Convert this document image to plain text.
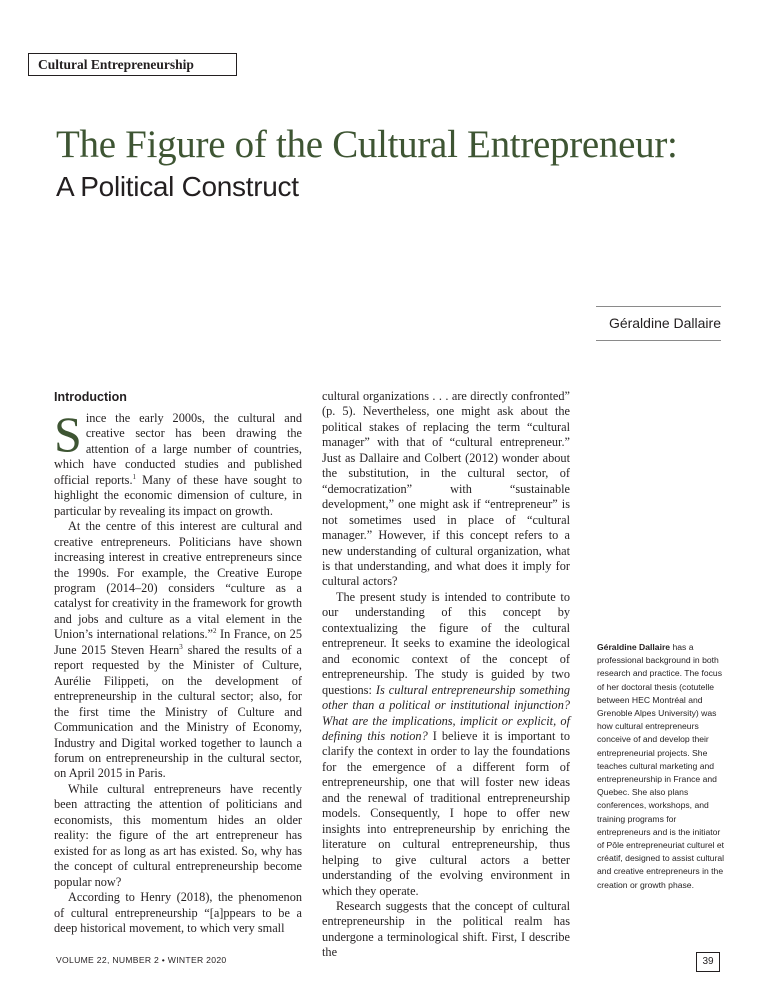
Cultural Entrepreneurship
The Figure of the Cultural Entrepreneur:
A Political Construct
Géraldine Dallaire
Introduction

Since the early 2000s, the cultural and creative sector has been drawing the attention of a large number of countries, which have conducted studies and published official reports.$^1$ Many of these have sought to highlight the economic dimension of culture, in particular by revealing its impact on growth.

At the centre of this interest are cultural and creative entrepreneurs. Politicians have shown increasing interest in creative entrepreneurs since the 1990s. For example, the Creative Europe program (2014–20) considers “culture as a catalyst for creativity in the framework for growth and jobs and culture as a vital element in the Union’s international relations.”$^2$ In France, on 25 June 2015 Steven Hearn$^3$ shared the results of a report requested by the Minister of Culture, Aurélie Filippeti, on the development of entrepreneurship in the cultural sector; also, for the first time the Ministry of Culture and Communication and the Ministry of Economy, Industry and Digital worked together to launch a forum on entrepreneurship in the cultural sector, on April 2015 in Paris.

While cultural entrepreneurs have recently been attracting the attention of politicians and economists, this momentum hides an older reality: the figure of the art entrepreneur has existed for as long as art has existed. So, why has the concept of cultural entrepreneurship become popular now?

According to Henry (2018), the phenomenon of cultural entrepreneurship “[a]ppears to be a deep historical movement, to which very small

cultural organizations . . . are directly confronted” (p. 5). Nevertheless, one might ask about the political stakes of replacing the term “cultural manager” with that of “cultural entrepreneur.” Just as Dallaire and Colbert (2012) wonder about the substitution, in the cultural sector, of “democratization” with “sustainable development,” one might ask if “entrepreneur” is not sometimes used in place of “cultural manager.” However, if this concept refers to a new understanding of cultural organization, what is that understanding, and what does it imply for cultural actors?

The present study is intended to contribute to our understanding of this concept by contextualizing the figure of the cultural entrepreneur. It seeks to examine the ideological and economic context of the concept of entrepreneurship. The study is guided by two questions: Is cultural entrepreneurship something other than a political or institutional injunction? What are the implications, implicit or explicit, of defining this notion? I believe it is important to clarify the context in order to lay the foundations for the emergence of a different form of entrepreneurship, one that will foster new ideas and the renewal of traditional entrepreneurship models. Consequently, I hope to offer new insights into entrepreneurship by enriching the literature on cultural entrepreneurship, thus helping to give cultural actors a better understanding of the evolving environment in which they operate.

Research suggests that the concept of cultural entrepreneurship in the political realm has undergone a terminological shift. First, I describe the

Géraldine Dallaire has a professional background in both research and practice. The focus of her doctoral thesis (cotutelle between HEC Montréal and Grenoble Alpes University) was how cultural entrepreneurs conceive of and develop their entrepreneurial projects. She teaches cultural marketing and entrepreneurship in France and Quebec. She also plans conferences, workshops, and training programs for entrepreneurs and is the initiator of Pôle entrepreneuriat culturel et créatif, designed to assist cultural and creative entrepreneurs in the creation or growth phase.
VOLUME 22, NUMBER 2 • WINTER 2020	39
